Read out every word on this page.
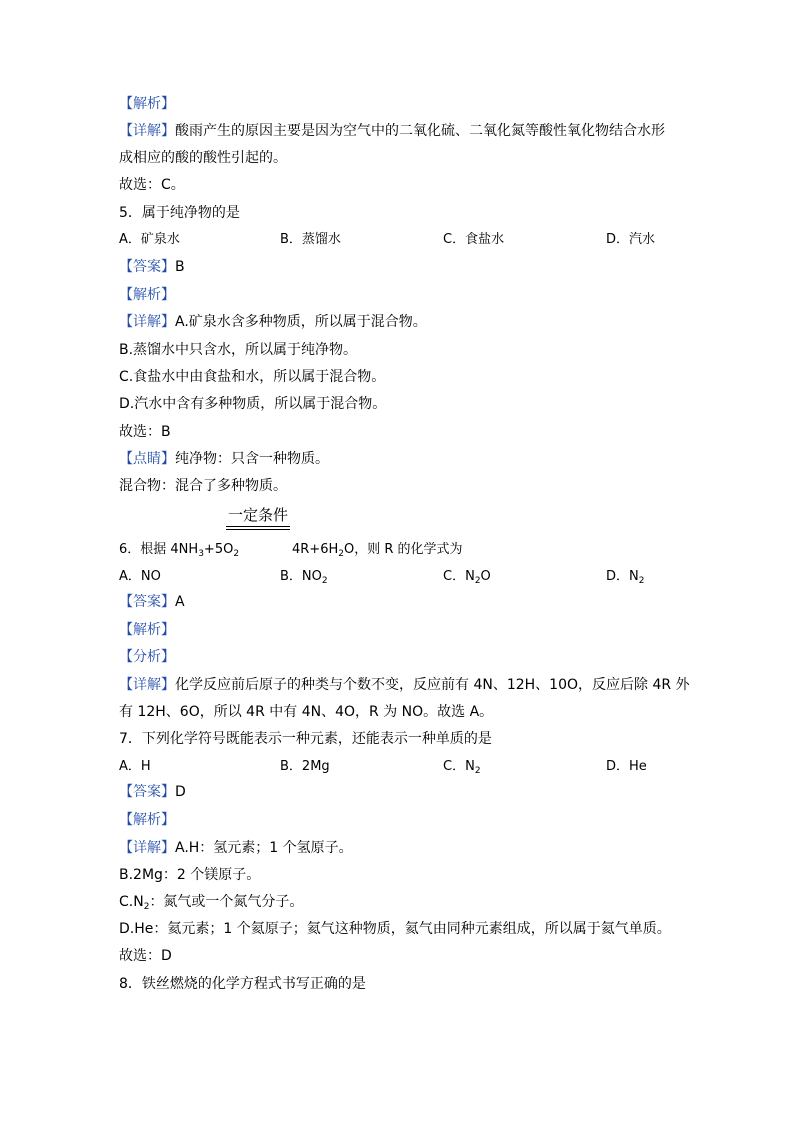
【解析】
【详解】酸雨产生的原因主要是因为空气中的二氧化硫、二氧化氮等酸性氧化物结合水形
成相应的酸的酸性引起的。
故选：C。
5．属于纯净物的是
A．矿泉水	B．蒸馏水	C．食盐水	D．汽水
【答案】B
【解析】
【详解】A.矿泉水含多种物质，所以属于混合物。
B.蒸馏水中只含水，所以属于纯净物。
C.食盐水中由食盐和水，所以属于混合物。
D.汽水中含有多种物质，所以属于混合物。
故选：B
【点睛】纯净物：只含一种物质。
混合物：混合了多种物质。
一定条件
6．根据 $4NH_3+5O_2$	$4R+6H_2O$，则 R 的化学式为
A．NO	B．$NO_2$	C．$N_2O$	D．$N_2$
【答案】A
【解析】
【分析】
【详解】化学反应前后原子的种类与个数不变，反应前有 4N、12H、10O，反应后除 4R 外
有 12H、6O，所以 4R 中有 4N、4O，R 为 NO。故选 A。
7．下列化学符号既能表示一种元素，还能表示一种单质的是
A．H	B．2Mg	C．$N_2$	D．He
【答案】D
【解析】
【详解】A.H：氢元素；1 个氢原子。
B.2Mg：2 个镁原子。
$C.N_2$：氮气或一个氮气分子。
D.He：氦元素；1 个氦原子；氦气这种物质，氦气由同种元素组成，所以属于氦气单质。
故选：D
8．铁丝燃烧的化学方程式书写正确的是
